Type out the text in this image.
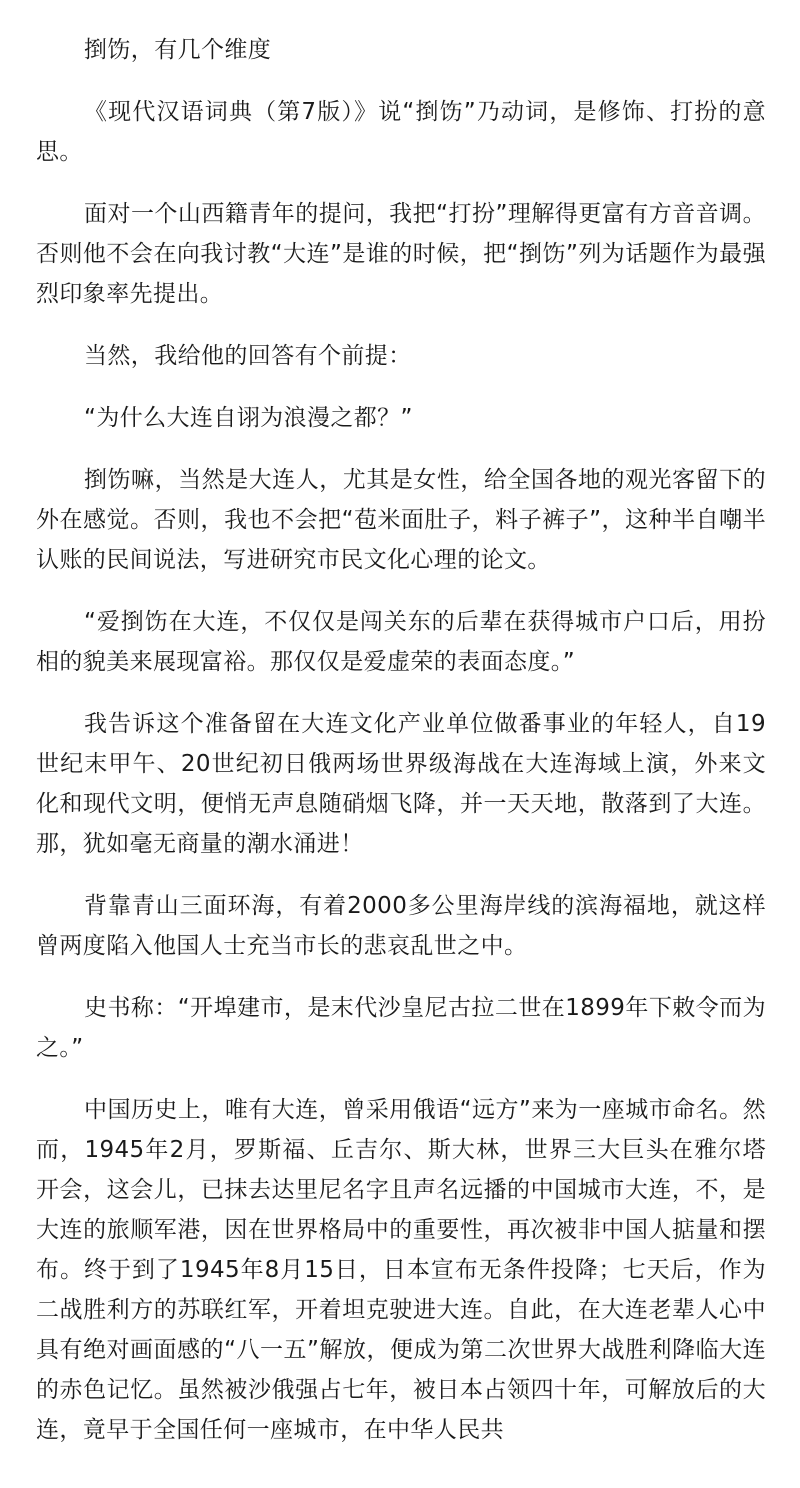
捯饬，有几个维度

《现代汉语词典（第7版）》说“捯饬”乃动词，是修饰、打扮的意思。

面对一个山西籍青年的提问，我把“打扮”理解得更富有方音音调。否则他不会在向我讨教“大连”是谁的时候，把“捯饬”列为话题作为最强烈印象率先提出。

当然，我给他的回答有个前提：

“为什么大连自诩为浪漫之都？”

捯饬嘛，当然是大连人，尤其是女性，给全国各地的观光客留下的外在感觉。否则，我也不会把“苞米面肚子，料子裤子”，这种半自嘲半认账的民间说法，写进研究市民文化心理的论文。

“爱捯饬在大连，不仅仅是闯关东的后辈在获得城市户口后，用扮相的貌美来展现富裕。那仅仅是爱虚荣的表面态度。”

我告诉这个准备留在大连文化产业单位做番事业的年轻人，自19世纪末甲午、20世纪初日俄两场世界级海战在大连海域上演，外来文化和现代文明，便悄无声息随硝烟飞降，并一天天地，散落到了大连。那，犹如毫无商量的潮水涌进！

背靠青山三面环海，有着2000多公里海岸线的滨海福地，就这样曾两度陷入他国人士充当市长的悲哀乱世之中。

史书称：“开埠建市，是末代沙皇尼古拉二世在1899年下敕令而为之。”

中国历史上，唯有大连，曾采用俄语“远方”来为一座城市命名。然而，1945年2月，罗斯福、丘吉尔、斯大林，世界三大巨头在雅尔塔开会，这会儿，已抹去达里尼名字且声名远播的中国城市大连，不，是大连的旅顺军港，因在世界格局中的重要性，再次被非中国人掂量和摆布。终于到了1945年8月15日，日本宣布无条件投降；七天后，作为二战胜利方的苏联红军，开着坦克驶进大连。自此，在大连老辈人心中具有绝对画面感的“八一五”解放，便成为第二次世界大战胜利降临大连的赤色记忆。虽然被沙俄强占七年，被日本占领四十年，可解放后的大连，竟早于全国任何一座城市，在中华人民共
